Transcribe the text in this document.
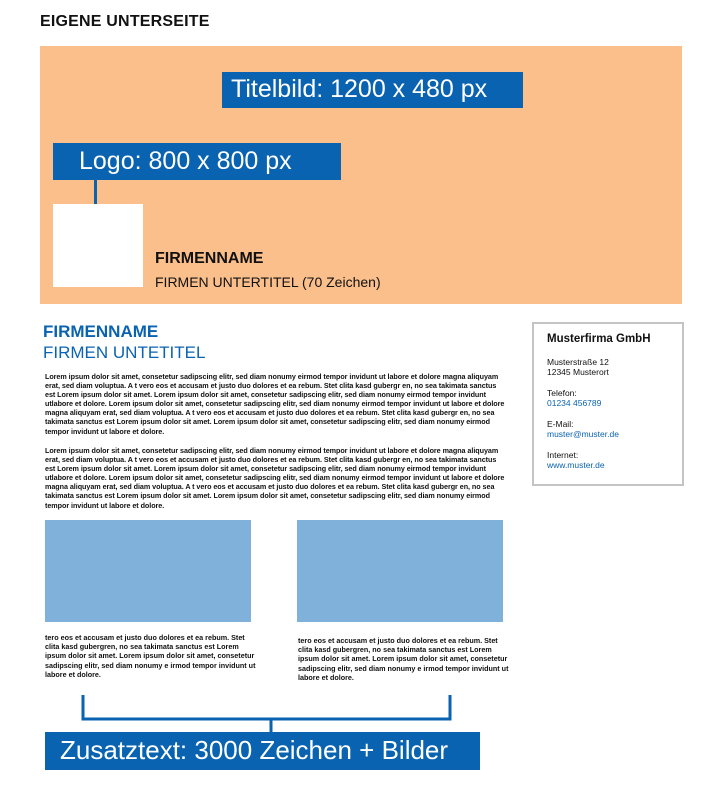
EIGENE UNTERSEITE
Titelbild: 1200 x 480 px
Logo: 800 x 800 px
FIRMENNAME
FIRMEN UNTERTITEL (70 Zeichen)
FIRMENNAME
FIRMEN UNTETITEL

Lorem ipsum dolor sit amet, consetetur sadipscing elitr, sed diam nonumy eirmod tempor invidunt ut labore et dolore magna aliquyam erat, sed diam voluptua. A t vero eos et accusam et justo duo dolores et ea rebum. Stet clita kasd gubergr en, no sea takimata sanctus est Lorem ipsum dolor sit amet. Lorem ipsum dolor sit amet, consetetur sadipscing elitr, sed diam nonumy eirmod tempor invidunt utlabore et dolore. Lorem ipsum dolor sit amet, consetetur sadipscing elitr, sed diam nonumy eirmod tempor invidunt ut labore et dolore magna aliquyam erat, sed diam voluptua. A t vero eos et accusam et justo duo dolores et ea rebum. Stet clita kasd gubergr en, no sea takimata sanctus est Lorem ipsum dolor sit amet. Lorem ipsum dolor sit amet, consetetur sadipscing elitr, sed diam nonumy eirmod tempor invidunt ut labore et dolore.

Lorem ipsum dolor sit amet, consetetur sadipscing elitr, sed diam nonumy eirmod tempor invidunt ut labore et dolore magna aliquyam erat, sed diam voluptua. A t vero eos et accusam et justo duo dolores et ea rebum. Stet clita kasd gubergr en, no sea takimata sanctus est Lorem ipsum dolor sit amet. Lorem ipsum dolor sit amet, consetetur sadipscing elitr, sed diam nonumy eirmod tempor invidunt utlabore et dolore. Lorem ipsum dolor sit amet, consetetur sadipscing elitr, sed diam nonumy eirmod tempor invidunt ut labore et dolore magna aliquyam erat, sed diam voluptua. A t vero eos et accusam et justo duo dolores et ea rebum. Stet clita kasd gubergr en, no sea takimata sanctus est Lorem ipsum dolor sit amet. Lorem ipsum dolor sit amet, consetetur sadipscing elitr, sed diam nonumy eirmod tempor invidunt ut labore et dolore.

Musterfirma GmbH
Musterstraße 12
12345 Musterort
Telefon:
01234 456789
E-Mail:
muster@muster.de
Internet:
www.muster.de

tero eos et accusam et justo duo dolores et ea rebum. Stet clita kasd gubergren, no sea takimata sanctus est Lorem ipsum dolor sit amet. Lorem ipsum dolor sit amet, consetetur sadipscing elitr, sed diam nonumy e irmod tempor invidunt ut labore et dolore.

tero eos et accusam et justo duo dolores et ea rebum. Stet clita kasd gubergren, no sea takimata sanctus est Lorem ipsum dolor sit amet. Lorem ipsum dolor sit amet, consetetur sadipscing elitr, sed diam nonumy e irmod tempor invidunt ut labore et dolore.

Zusatztext: 3000 Zeichen + Bilder
